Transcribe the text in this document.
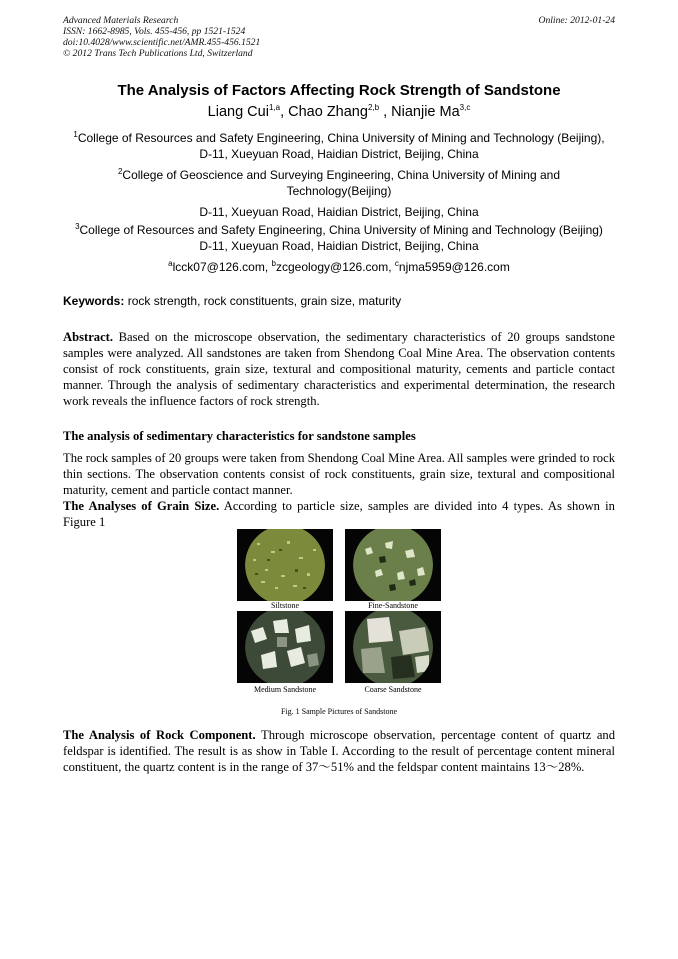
Advanced Materials Research
ISSN: 1662-8985, Vols. 455-456, pp 1521-1524
doi:10.4028/www.scientific.net/AMR.455-456.1521
© 2012 Trans Tech Publications Ltd, Switzerland
Online: 2012-01-24
The Analysis of Factors Affecting Rock Strength of Sandstone
Liang Cui$^{1,a}$, Chao Zhang$^{2,b}$ , Nianjie Ma$^{3,c}$
$^1$College of Resources and Safety Engineering, China University of Mining and Technology (Beijing),
D-11, Xueyuan Road, Haidian District, Beijing, China
$^2$College of Geoscience and Surveying Engineering, China University of Mining and
Technology(Beijing)
D-11, Xueyuan Road, Haidian District, Beijing, China
$^3$College of Resources and Safety Engineering, China University of Mining and Technology (Beijing)
D-11, Xueyuan Road, Haidian District, Beijing, China
$^a$lcck07@126.com, $^b$zcgeology@126.com, $^c$njma5959@126.com
Keywords: rock strength, rock constituents, grain size, maturity
Abstract. Based on the microscope observation, the sedimentary characteristics of 20 groups sandstone samples were analyzed. All sandstones are taken from Shendong Coal Mine Area. The observation contents consist of rock constituents, grain size, textural and compositional maturity, cements and particle contact manner. Through the analysis of sedimentary characteristics and experimental determination, the research work reveals the influence factors of rock strength.
The analysis of sedimentary characteristics for sandstone samples
The rock samples of 20 groups were taken from Shendong Coal Mine Area. All samples were grinded to rock thin sections. The observation contents consist of rock constituents, grain size, textural and compositional maturity, cement and particle contact manner.
The Analyses of Grain Size. According to particle size, samples are divided into 4 types. As shown in Figure 1
Siltstone	Fine-Sandstone
Medium Sandstone	Coarse Sandstone
Fig. 1 Sample Pictures of Sandstone
The Analysis of Rock Component. Through microscope observation, percentage content of quartz and feldspar is identified. The result is as show in Table I. According to the result of percentage content mineral constituent, the quartz content is in the range of 37～51% and the feldspar content maintains 13～28%.
